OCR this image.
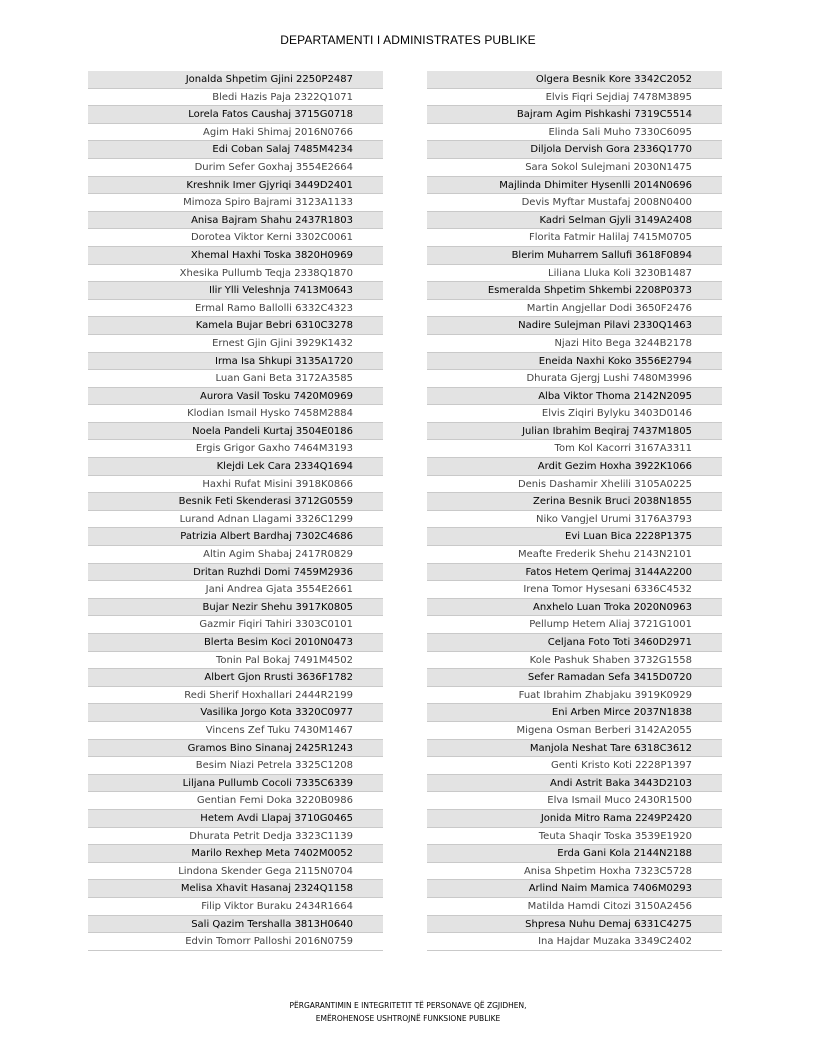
DEPARTAMENTI I ADMINISTRATES PUBLIKE
Jonalda Shpetim Gjini 2250P2487
Bledi Hazis Paja 2322Q1071
Lorela Fatos Caushaj 3715G0718
Agim Haki Shimaj 2016N0766
Edi Coban Salaj 7485M4234
Durim Sefer Goxhaj 3554E2664
Kreshnik Imer Gjyriqi 3449D2401
Mimoza Spiro Bajrami 3123A1133
Anisa Bajram Shahu 2437R1803
Dorotea Viktor Kerni 3302C0061
Xhemal Haxhi Toska 3820H0969
Xhesika Pullumb Teqja 2338Q1870
Ilir Ylli Veleshnja 7413M0643
Ermal Ramo Ballolli 6332C4323
Kamela Bujar Bebri 6310C3278
Ernest Gjin Gjini 3929K1432
Irma Isa Shkupi 3135A1720
Luan Gani Beta 3172A3585
Aurora Vasil Tosku 7420M0969
Klodian Ismail Hysko 7458M2884
Noela Pandeli Kurtaj 3504E0186
Ergis Grigor Gaxho 7464M3193
Klejdi Lek Cara 2334Q1694
Haxhi Rufat Misini 3918K0866
Besnik Feti Skenderasi 3712G0559
Lurand Adnan Llagami 3326C1299
Patrizia Albert Bardhaj 7302C4686
Altin Agim Shabaj 2417R0829
Dritan Ruzhdi Domi 7459M2936
Jani Andrea Gjata 3554E2661
Bujar Nezir Shehu 3917K0805
Gazmir Fiqiri Tahiri 3303C0101
Blerta Besim Koci 2010N0473
Tonin Pal Bokaj 7491M4502
Albert Gjon Rrusti 3636F1782
Redi Sherif Hoxhallari 2444R2199
Vasilika Jorgo Kota 3320C0977
Vincens Zef Tuku 7430M1467
Gramos Bino Sinanaj 2425R1243
Besim Niazi Petrela 3325C1208
Liljana Pullumb Cocoli 7335C6339
Gentian Femi Doka 3220B0986
Hetem Avdi Llapaj 3710G0465
Dhurata Petrit Dedja 3323C1139
Marilo Rexhep Meta 7402M0052
Lindona Skender Gega 2115N0704
Melisa Xhavit Hasanaj 2324Q1158
Filip Viktor Buraku 2434R1664
Sali Qazim Tershalla 3813H0640
Edvin Tomorr Palloshi 2016N0759
Olgera Besnik Kore 3342C2052
Elvis Fiqri Sejdiaj 7478M3895
Bajram Agim Pishkashi 7319C5514
Elinda Sali Muho 7330C6095
Diljola Dervish Gora 2336Q1770
Sara Sokol Sulejmani 2030N1475
Majlinda Dhimiter Hysenlli 2014N0696
Devis Myftar Mustafaj 2008N0400
Kadri Selman Gjyli 3149A2408
Florita Fatmir Halilaj 7415M0705
Blerim Muharrem Sallufi 3618F0894
Liliana Lluka Koli 3230B1487
Esmeralda Shpetim Shkembi 2208P0373
Martin Angjellar Dodi 3650F2476
Nadire Sulejman Pilavi 2330Q1463
Njazi Hito Bega 3244B2178
Eneida Naxhi Koko 3556E2794
Dhurata Gjergj Lushi 7480M3996
Alba Viktor Thoma 2142N2095
Elvis Ziqiri Bylyku 3403D0146
Julian Ibrahim Beqiraj 7437M1805
Tom Kol Kacorri 3167A3311
Ardit Gezim Hoxha 3922K1066
Denis Dashamir Xhelili 3105A0225
Zerina Besnik Bruci 2038N1855
Niko Vangjel Urumi 3176A3793
Evi Luan Bica 2228P1375
Meafte Frederik Shehu 2143N2101
Fatos Hetem Qerimaj 3144A2200
Irena Tomor Hysesani 6336C4532
Anxhelo Luan Troka 2020N0963
Pellump Hetem Aliaj 3721G1001
Celjana Foto Toti 3460D2971
Kole Pashuk Shaben 3732G1558
Sefer Ramadan Sefa 3415D0720
Fuat Ibrahim Zhabjaku 3919K0929
Eni Arben Mirce 2037N1838
Migena Osman Berberi 3142A2055
Manjola Neshat Tare 6318C3612
Genti Kristo Koti 2228P1397
Andi Astrit Baka 3443D2103
Elva Ismail Muco 2430R1500
Jonida Mitro Rama 2249P2420
Teuta Shaqir Toska 3539E1920
Erda Gani Kola 2144N2188
Anisa Shpetim Hoxha 7323C5728
Arlind Naim Mamica 7406M0293
Matilda Hamdi Citozi 3150A2456
Shpresa Nuhu Demaj 6331C4275
Ina Hajdar Muzaka 3349C2402
PËRGARANTIMIN E INTEGRITETIT TË PERSONAVE QË ZGJIDHEN,
EMËROHENOSE USHTROJNË FUNKSIONE PUBLIKE
